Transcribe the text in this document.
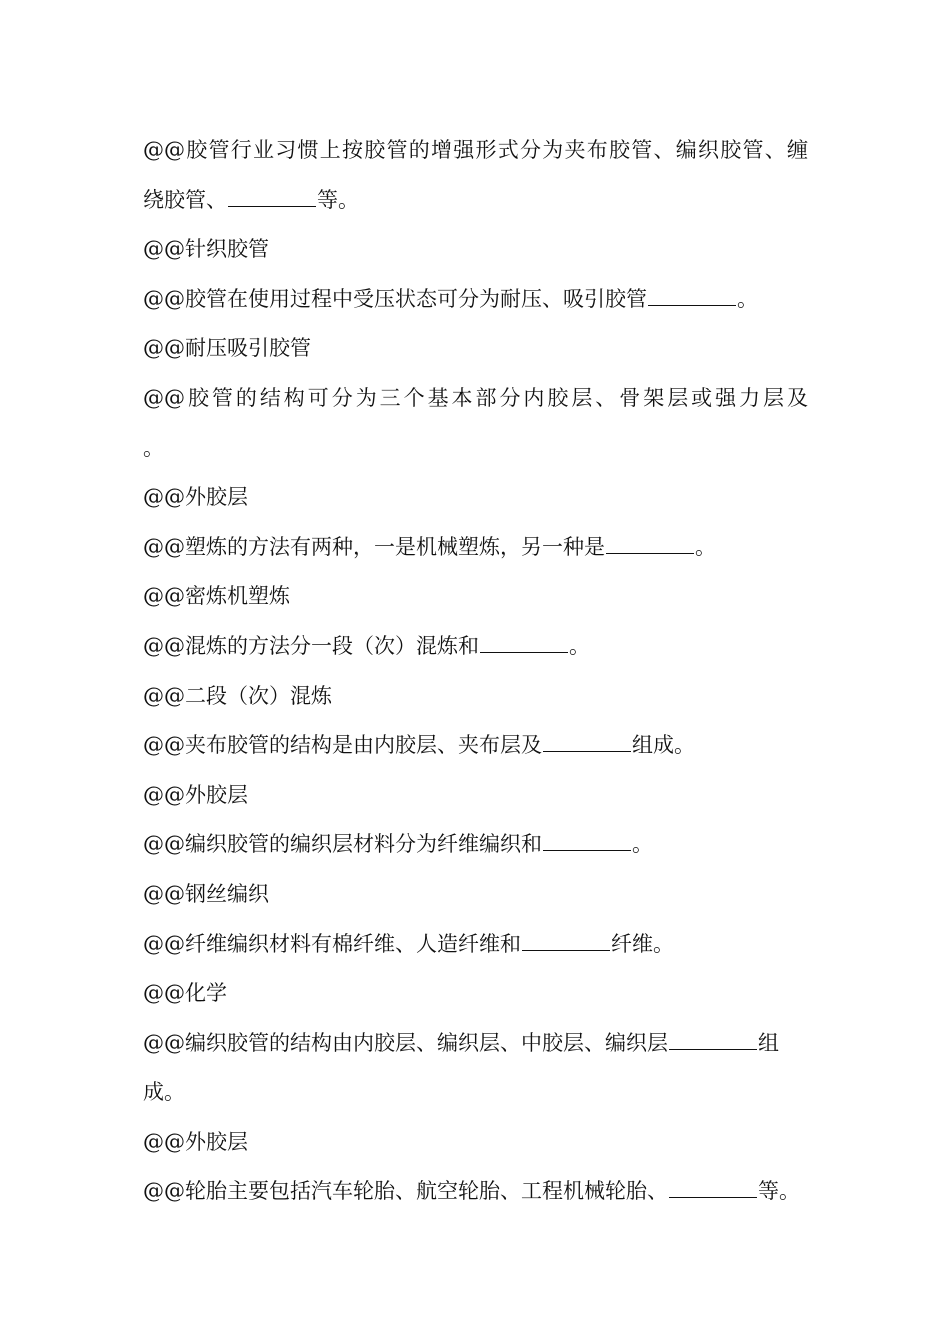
@@胶管行业习惯上按胶管的增强形式分为夹布胶管、编织胶管、缠
绕胶管、	等。
@@针织胶管
@@胶管在使用过程中受压状态可分为耐压、吸引胶管	。
@@耐压吸引胶管
@@胶管的结构可分为三个基本部分内胶层、骨架层或强力层及
。
@@外胶层
@@塑炼的方法有两种，一是机械塑炼，另一种是	。
@@密炼机塑炼
@@混炼的方法分一段（次）混炼和	。
@@二段（次）混炼
@@夹布胶管的结构是由内胶层、夹布层及	组成。
@@外胶层
@@编织胶管的编织层材料分为纤维编织和	。
@@钢丝编织
@@纤维编织材料有棉纤维、人造纤维和	纤维。
@@化学
@@编织胶管的结构由内胶层、编织层、中胶层、编织层	组
成。
@@外胶层
@@轮胎主要包括汽车轮胎、航空轮胎、工程机械轮胎、	等。
